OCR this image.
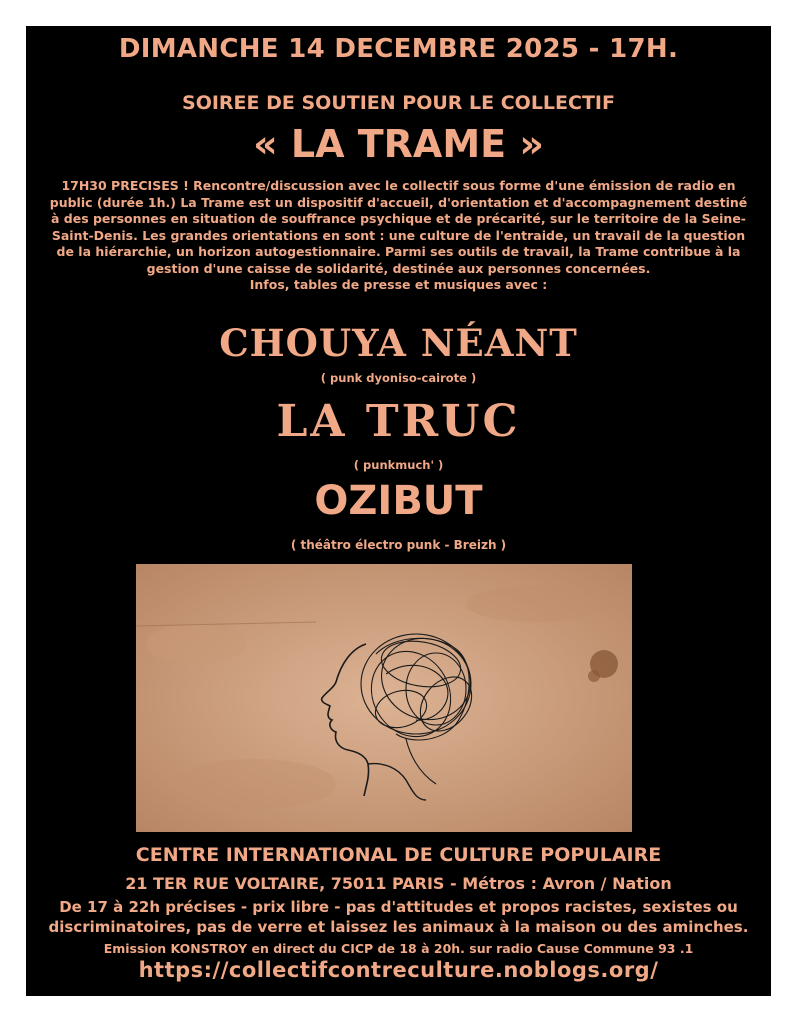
DIMANCHE 14 DECEMBRE 2025 - 17H.
SOIREE DE SOUTIEN POUR LE COLLECTIF
« LA TRAME »
17H30 PRECISES ! Rencontre/discussion avec le collectif sous forme d'une émission de radio en public (durée 1h.) La Trame est un dispositif d'accueil, d'orientation et d'accompagnement destiné à des personnes en situation de souffrance psychique et de précarité, sur le territoire de la Seine-Saint-Denis. Les grandes orientations en sont : une culture de l'entraide, un travail de la question de la hiérarchie, un horizon autogestionnaire. Parmi ses outils de travail, la Trame contribue à la gestion d'une caisse de solidarité, destinée aux personnes concernées.
Infos, tables de presse et musiques avec :
CHOUYA NÉANT
( punk dyoniso-cairote )
LA TRUC
( punkmuch' )
OZIBUT
( théâtro électro punk - Breizh )
CENTRE INTERNATIONAL DE CULTURE POPULAIRE
21 TER RUE VOLTAIRE, 75011 PARIS - Métros : Avron / Nation
De 17 à 22h précises - prix libre - pas d'attitudes et propos racistes, sexistes ou discriminatoires, pas de verre et laissez les animaux à la maison ou des aminches.
Emission KONSTROY en direct du CICP de 18 à 20h. sur radio Cause Commune 93 .1
https://collectifcontreculture.noblogs.org/
